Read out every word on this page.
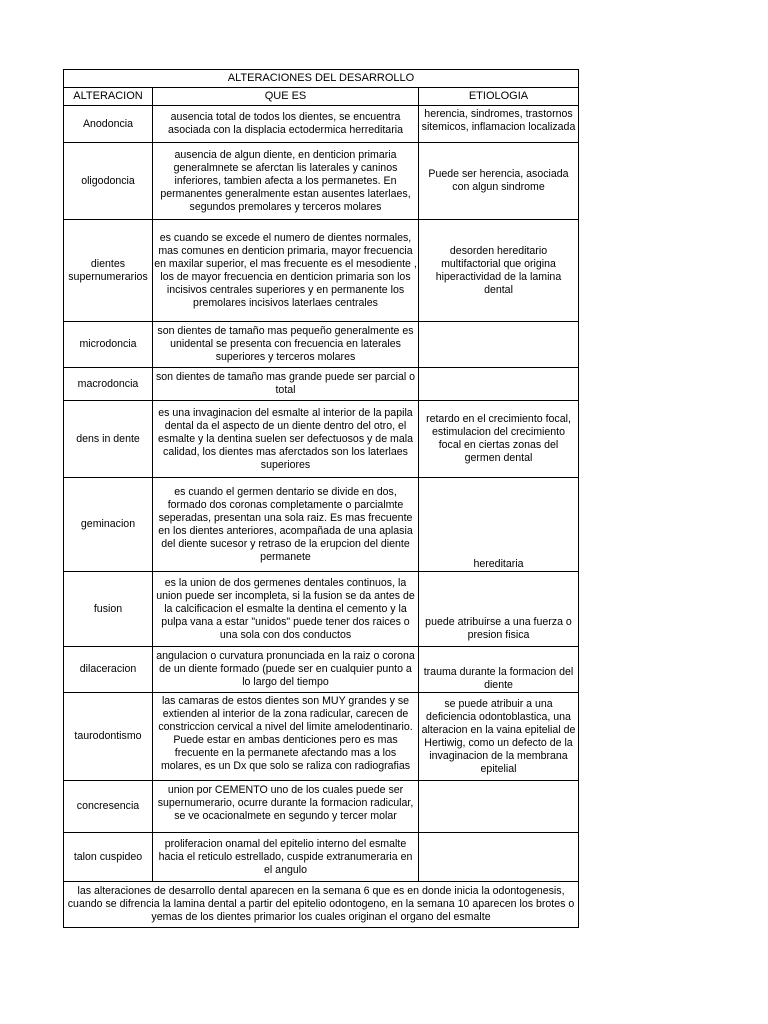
ALTERACIONES DEL DESARROLLO		
ALTERACION	QUE ES	ETIOLOGIA
Anodoncia	ausencia total de todos los dientes, se encuentra asociada con la displacia ectodermica herreditaria	herencia, sindromes, trastornos sitemicos, inflamacion localizada

oligodoncia	ausencia de algun diente, en denticion primaria generalmnete se aferctan lis laterales y caninos inferiores, tambien afecta a los permanetes. En permanentes generalmente estan ausentes laterlaes, segundos premolares y terceros molares	Puede ser herencia, asociada con algun sindrome

dientes supernumerarios	es cuando se excede el numero de dientes normales, mas comunes en denticion primaria, mayor frecuencia en maxilar superior, el mas frecuente es el mesodiente , los de mayor frecuencia en denticion primaria son los incisivos centrales superiores y en permanente los premolares incisivos laterlaes centrales	desorden hereditario multifactorial que origina hiperactividad de la lamina dental

microdoncia	son dientes de tamaño mas pequeño generalmente es unidental se presenta con frecuencia en laterales superiores y terceros molares	

macrodoncia	son dientes de tamaño mas grande puede ser parcial o total	

dens in dente	es una invaginacion del esmalte al interior de la papila dental da el aspecto de un diente dentro del otro, el esmalte y la dentina suelen ser defectuosos y de mala calidad, los dientes mas aferctados son los laterlaes superiores	retardo en el crecimiento focal, estimulacion del crecimiento focal en ciertas zonas del germen dental

geminacion	es cuando el germen dentario se divide en dos, formado dos coronas completamente o parcialmte seperadas, presentan una sola raiz. Es mas frecuente en los dientes anteriores, acompañada de una aplasia del diente sucesor y retraso de la erupcion del diente permanete	hereditaria

fusion	es la union de dos germenes dentales continuos, la union puede ser incompleta, si la fusion se da antes de la calcificacion el esmalte la dentina el cemento y la pulpa vana a estar "unidos" puede tener dos raices o una sola con dos conductos	puede atribuirse a una fuerza o presion fisica

dilaceracion	angulacion o curvatura pronunciada en la raiz o corona de un diente formado (puede ser en cualquier punto a lo largo del tiempo	trauma durante la formacion del diente

taurodontismo	las camaras de estos dientes son MUY grandes y se extienden al interior de la zona radicular, carecen de constriccion cervical a nivel del limite amelodentinario. Puede estar en ambas denticiones pero es mas frecuente en la permanete afectando mas a los molares, es un Dx que solo se raliza con radiografias	se puede atribuir a una deficiencia odontoblastica, una alteracion en la vaina epitelial de Hertiwig, como un defecto de la invaginacion de la membrana epitelial

concresencia	union por CEMENTO uno de los cuales puede ser supernumerario, ocurre durante la formacion radicular, se ve ocacionalmete en segundo y tercer molar	

talon cuspideo	proliferacion onamal del epitelio interno del esmalte hacia el reticulo estrellado, cuspide extranumeraria en el angulo	

las alteraciones de desarrollo dental aparecen en la semana 6 que es en donde inicia la odontogenesis, cuando se difrencia la lamina dental a partir del epitelio odontogeno, en la semana 10 aparecen los brotes o yemas de los dientes primarior los cuales originan el organo del esmalte		
